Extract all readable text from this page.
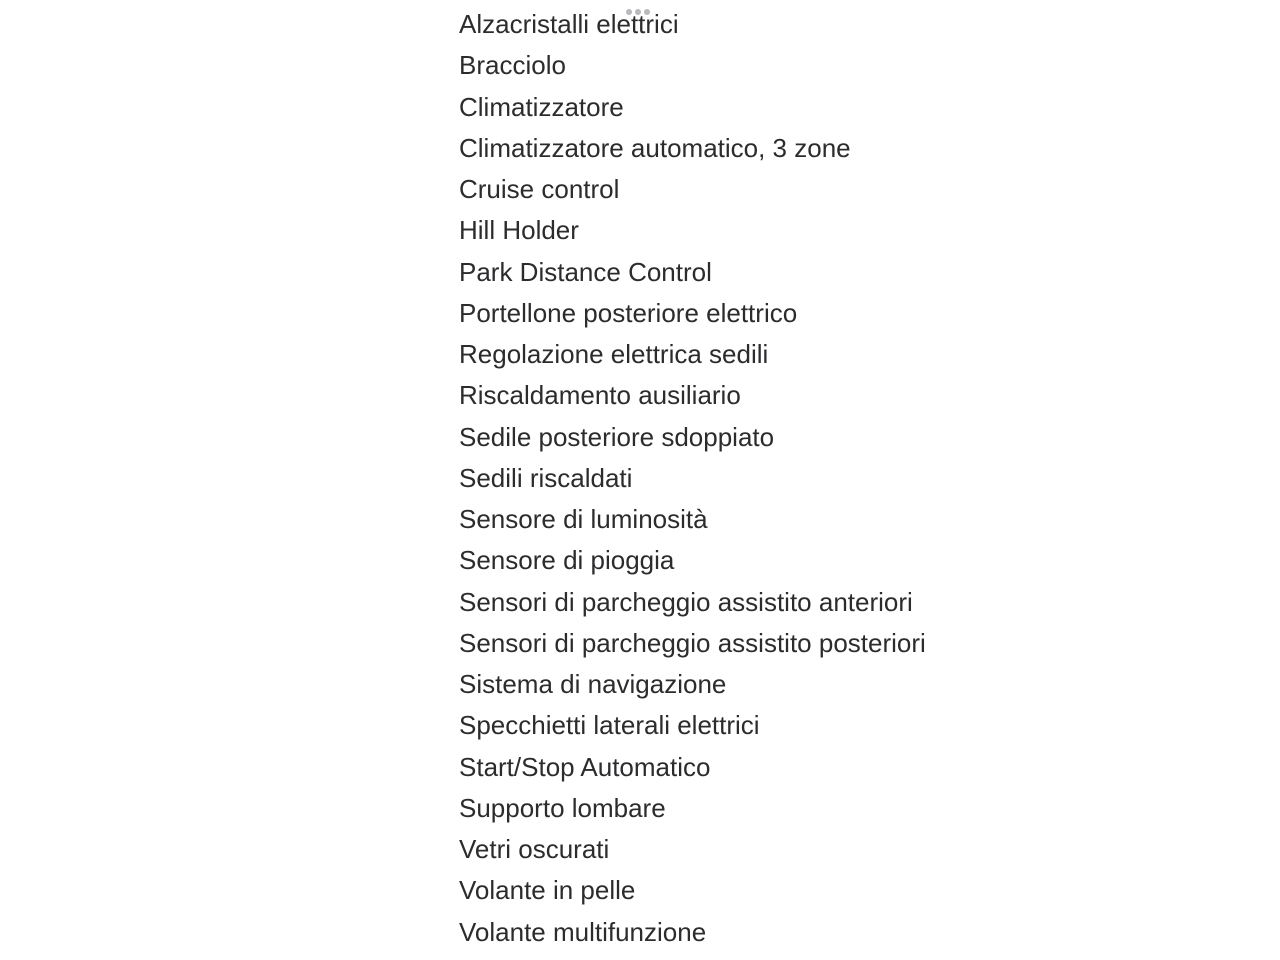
Alzacristalli elettrici
Bracciolo
Climatizzatore
Climatizzatore automatico, 3 zone
Cruise control
Hill Holder
Park Distance Control
Portellone posteriore elettrico
Regolazione elettrica sedili
Riscaldamento ausiliario
Sedile posteriore sdoppiato
Sedili riscaldati
Sensore di luminosità
Sensore di pioggia
Sensori di parcheggio assistito anteriori
Sensori di parcheggio assistito posteriori
Sistema di navigazione
Specchietti laterali elettrici
Start/Stop Automatico
Supporto lombare
Vetri oscurati
Volante in pelle
Volante multifunzione
